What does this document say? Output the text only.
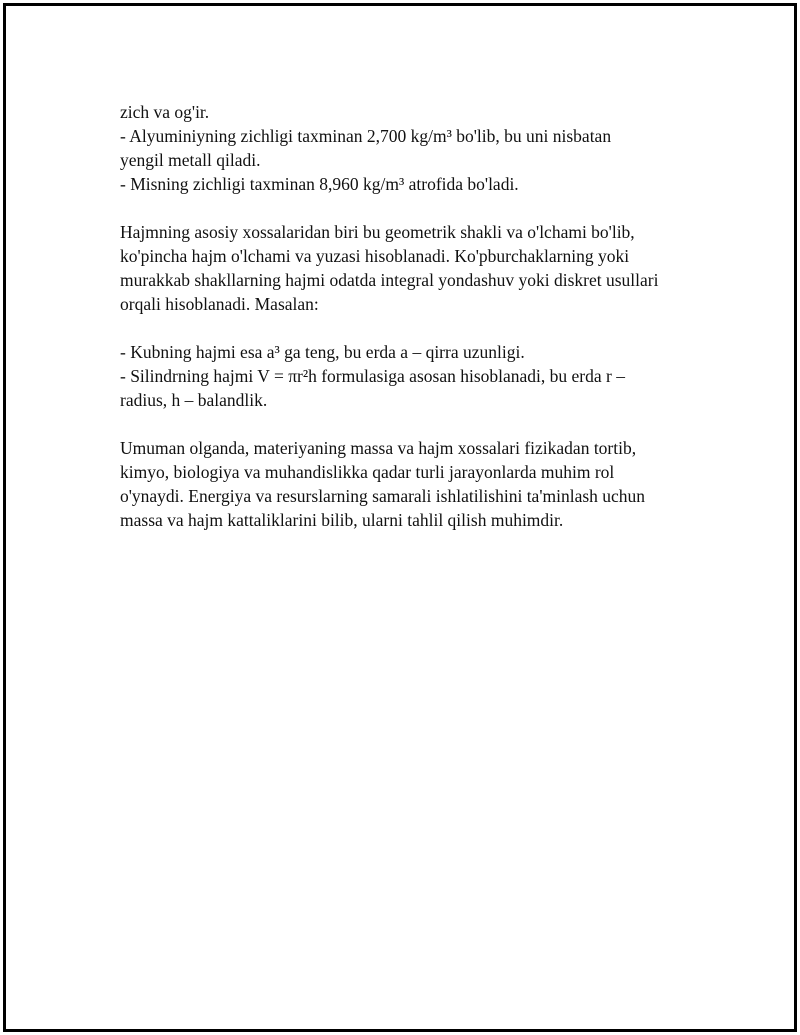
zich va og'ir.
- Alyuminiyning zichligi taxminan 2,700 kg/m³ bo'lib, bu uni nisbatan
yengil metall qiladi.
- Misning zichligi taxminan 8,960 kg/m³ atrofida bo'ladi.
Hajmning asosiy xossalaridan biri bu geometrik shakli va o'lchami bo'lib,
ko'pincha hajm o'lchami va yuzasi hisoblanadi. Ko'pburchaklarning yoki
murakkab shakllarning hajmi odatda integral yondashuv yoki diskret usullari
orqali hisoblanadi. Masalan:
- Kubning hajmi esa a³ ga teng, bu erda a – qirra uzunligi.
- Silindrning hajmi V = πr²h formulasiga asosan hisoblanadi, bu erda r –
radius, h – balandlik.
Umuman olganda, materiyaning massa va hajm xossalari fizikadan tortib,
kimyo, biologiya va muhandislikka qadar turli jarayonlarda muhim rol
o'ynaydi. Energiya va resurslarning samarali ishlatilishini ta'minlash uchun
massa va hajm kattaliklarini bilib, ularni tahlil qilish muhimdir.
